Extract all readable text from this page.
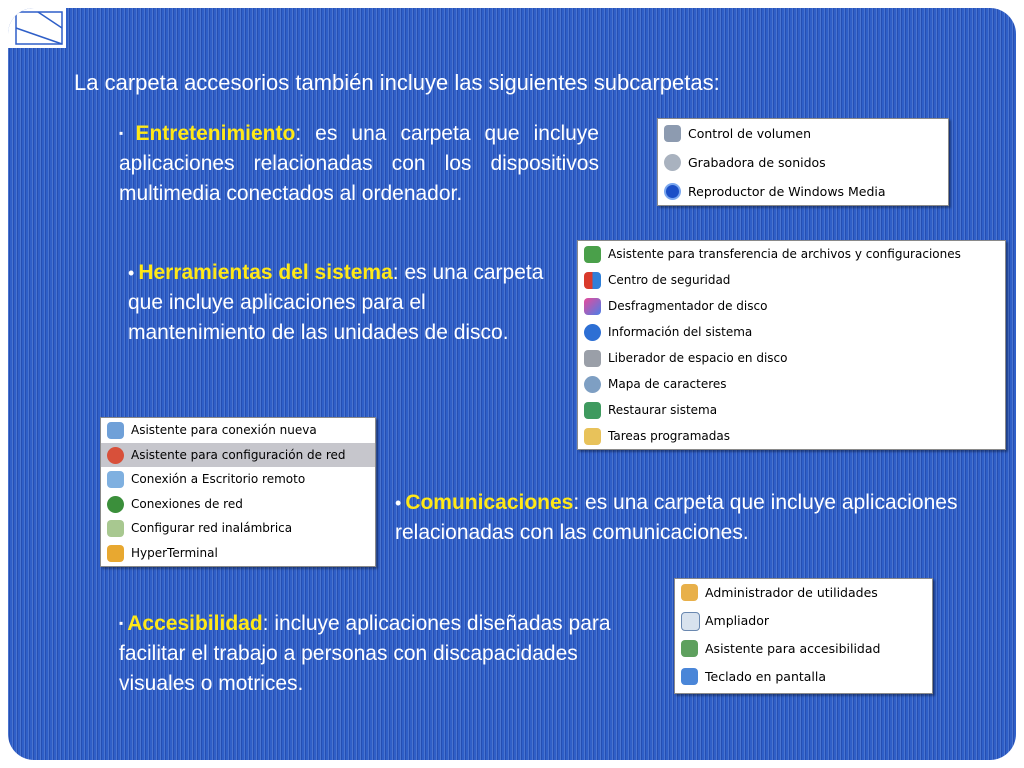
La carpeta accesorios también incluye las siguientes subcarpetas:
▪ Entretenimiento: es una carpeta que incluye aplicaciones relacionadas con los dispositivos multimedia conectados al ordenador.
• Herramientas del sistema: es una carpeta que incluye aplicaciones para el mantenimiento de las unidades de disco.
• Comunicaciones: es una carpeta que incluye aplicaciones relacionadas con las comunicaciones.
▪ Accesibilidad: incluye aplicaciones diseñadas para facilitar el trabajo a personas con discapacidades visuales o motrices.
Control de volumen
Grabadora de sonidos
Reproductor de Windows Media
Asistente para transferencia de archivos y configuraciones
Centro de seguridad
Desfragmentador de disco
Información del sistema
Liberador de espacio en disco
Mapa de caracteres
Restaurar sistema
Tareas programadas
Asistente para conexión nueva
Asistente para configuración de red
Conexión a Escritorio remoto
Conexiones de red
Configurar red inalámbrica
HyperTerminal
Administrador de utilidades
Ampliador
Asistente para accesibilidad
Teclado en pantalla
